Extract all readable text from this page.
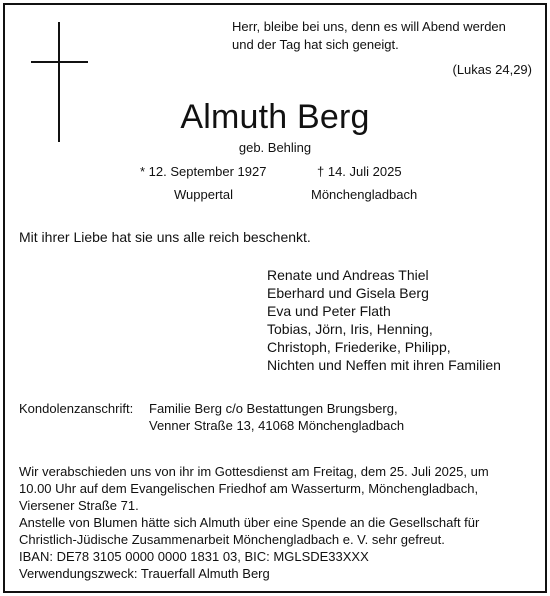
Herr, bleibe bei uns, denn es will Abend werden
und der Tag hat sich geneigt.
(Lukas 24,29)
Almuth Berg
geb. Behling
* 12. September 1927	† 14. Juli 2025
Wuppertal	Mönchengladbach
Mit ihrer Liebe hat sie uns alle reich beschenkt.
Renate und Andreas Thiel
Eberhard und Gisela Berg
Eva und Peter Flath
Tobias, Jörn, Iris, Henning,
Christoph, Friederike, Philipp,
Nichten und Neffen mit ihren Familien
Kondolenzanschrift: Familie Berg c/o Bestattungen Brungsberg,
Venner Straße 13, 41068 Mönchengladbach
Wir verabschieden uns von ihr im Gottesdienst am Freitag, dem 25. Juli 2025, um
10.00 Uhr auf dem Evangelischen Friedhof am Wasserturm, Mönchengladbach,
Viersener Straße 71.
Anstelle von Blumen hätte sich Almuth über eine Spende an die Gesellschaft für
Christlich-Jüdische Zusammenarbeit Mönchengladbach e. V. sehr gefreut.
IBAN: DE78 3105 0000 0000 1831 03, BIC: MGLSDE33XXX
Verwendungszweck: Trauerfall Almuth Berg
